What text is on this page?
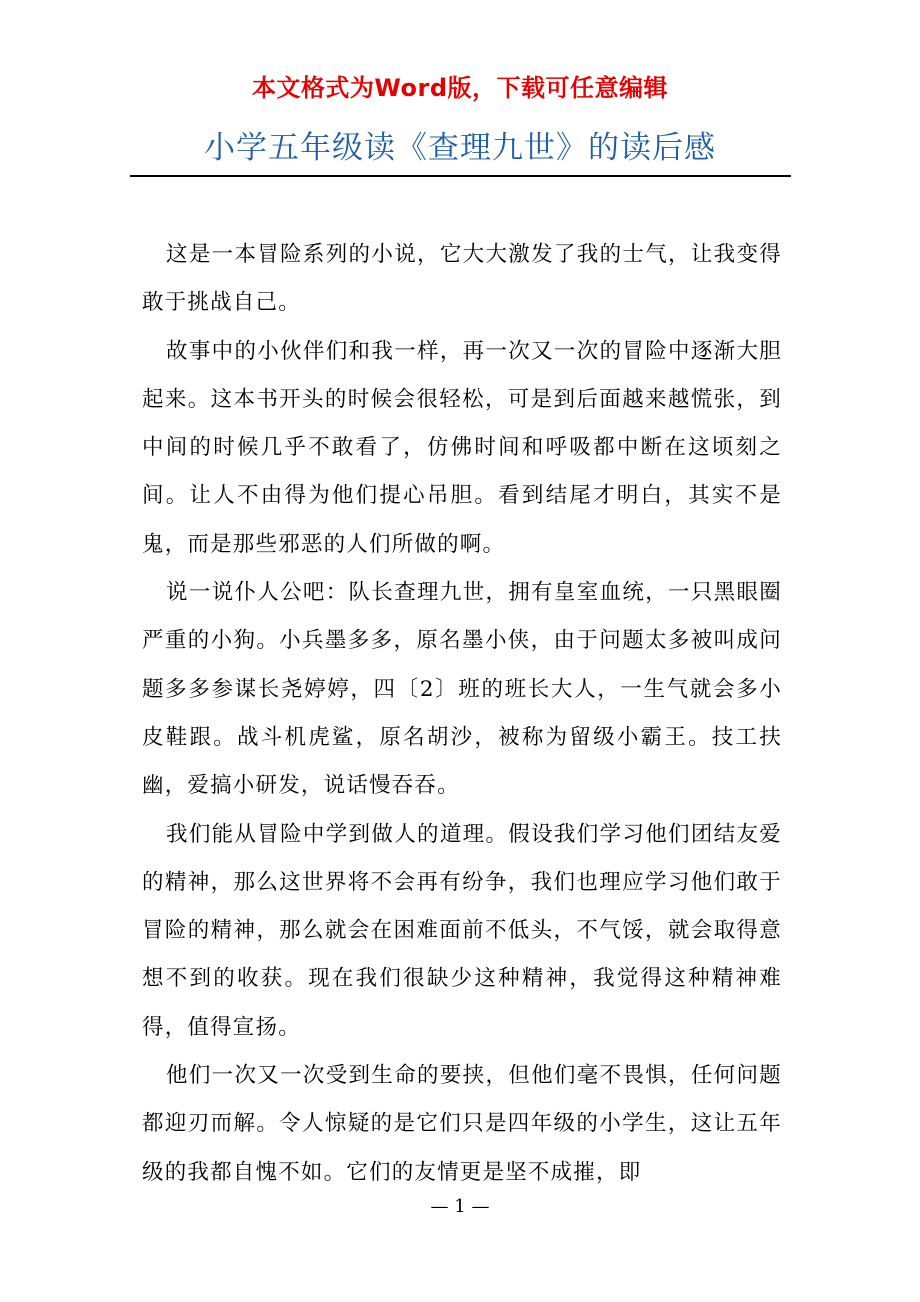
本文格式为Word版，下载可任意编辑
小学五年级读《查理九世》的读后感

这是一本冒险系列的小说，它大大激发了我的士气，让我变得敢于挑战自己。

故事中的小伙伴们和我一样，再一次又一次的冒险中逐渐大胆起来。这本书开头的时候会很轻松，可是到后面越来越慌张，到中间的时候几乎不敢看了，仿佛时间和呼吸都中断在这顷刻之间。让人不由得为他们提心吊胆。看到结尾才明白，其实不是鬼，而是那些邪恶的人们所做的啊。

说一说仆人公吧：队长查理九世，拥有皇室血统，一只黑眼圈严重的小狗。小兵墨多多，原名墨小侠，由于问题太多被叫成问题多多参谋长尧婷婷，四〔2〕班的班长大人，一生气就会多小皮鞋跟。战斗机虎鲨，原名胡沙，被称为留级小霸王。技工扶幽，爱搞小研发，说话慢吞吞。

我们能从冒险中学到做人的道理。假设我们学习他们团结友爱的精神，那么这世界将不会再有纷争，我们也理应学习他们敢于冒险的精神，那么就会在困难面前不低头，不气馁，就会取得意想不到的收获。现在我们很缺少这种精神，我觉得这种精神难得，值得宣扬。

他们一次又一次受到生命的要挟，但他们毫不畏惧，任何问题都迎刃而解。令人惊疑的是它们只是四年级的小学生，这让五年级的我都自愧不如。它们的友情更是坚不成摧，即

— 1 —
